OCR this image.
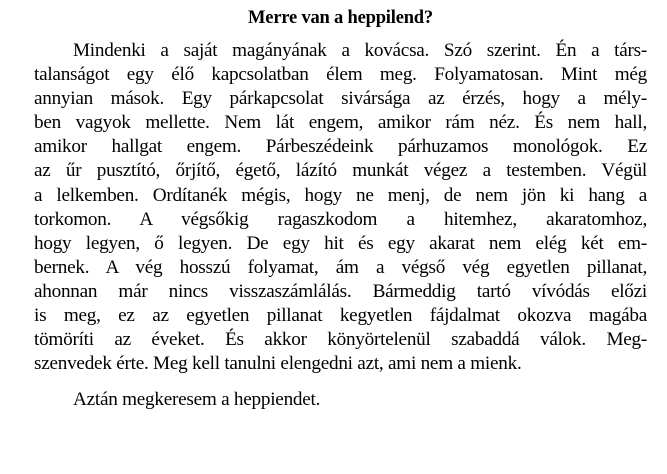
Merre van a heppilend?
Mindenki a saját magányának a kovácsa. Szó szerint. Én a társ-
talanságot egy élő kapcsolatban élem meg. Folyamatosan. Mint még
annyian mások. Egy párkapcsolat sivársága az érzés, hogy a mély-
ben vagyok mellette. Nem lát engem, amikor rám néz. És nem hall,
amikor hallgat engem. Párbeszédeink párhuzamos monológok. Ez
az űr pusztító, őrjítő, égető, lázító munkát végez a testemben. Végül
a lelkemben. Ordítanék mégis, hogy ne menj, de nem jön ki hang a
torkomon. A végsőkig ragaszkodom a hitemhez, akaratomhoz,
hogy legyen, ő legyen. De egy hit és egy akarat nem elég két em-
bernek. A vég hosszú folyamat, ám a végső vég egyetlen pillanat,
ahonnan már nincs visszaszámlálás. Bármeddig tartó vívódás előzi
is meg, ez az egyetlen pillanat kegyetlen fájdalmat okozva magába
tömöríti az éveket. És akkor könyörtelenül szabaddá válok. Meg-
szenvedek érte. Meg kell tanulni elengedni azt, ami nem a mienk.
Aztán megkeresem a heppiendet.
